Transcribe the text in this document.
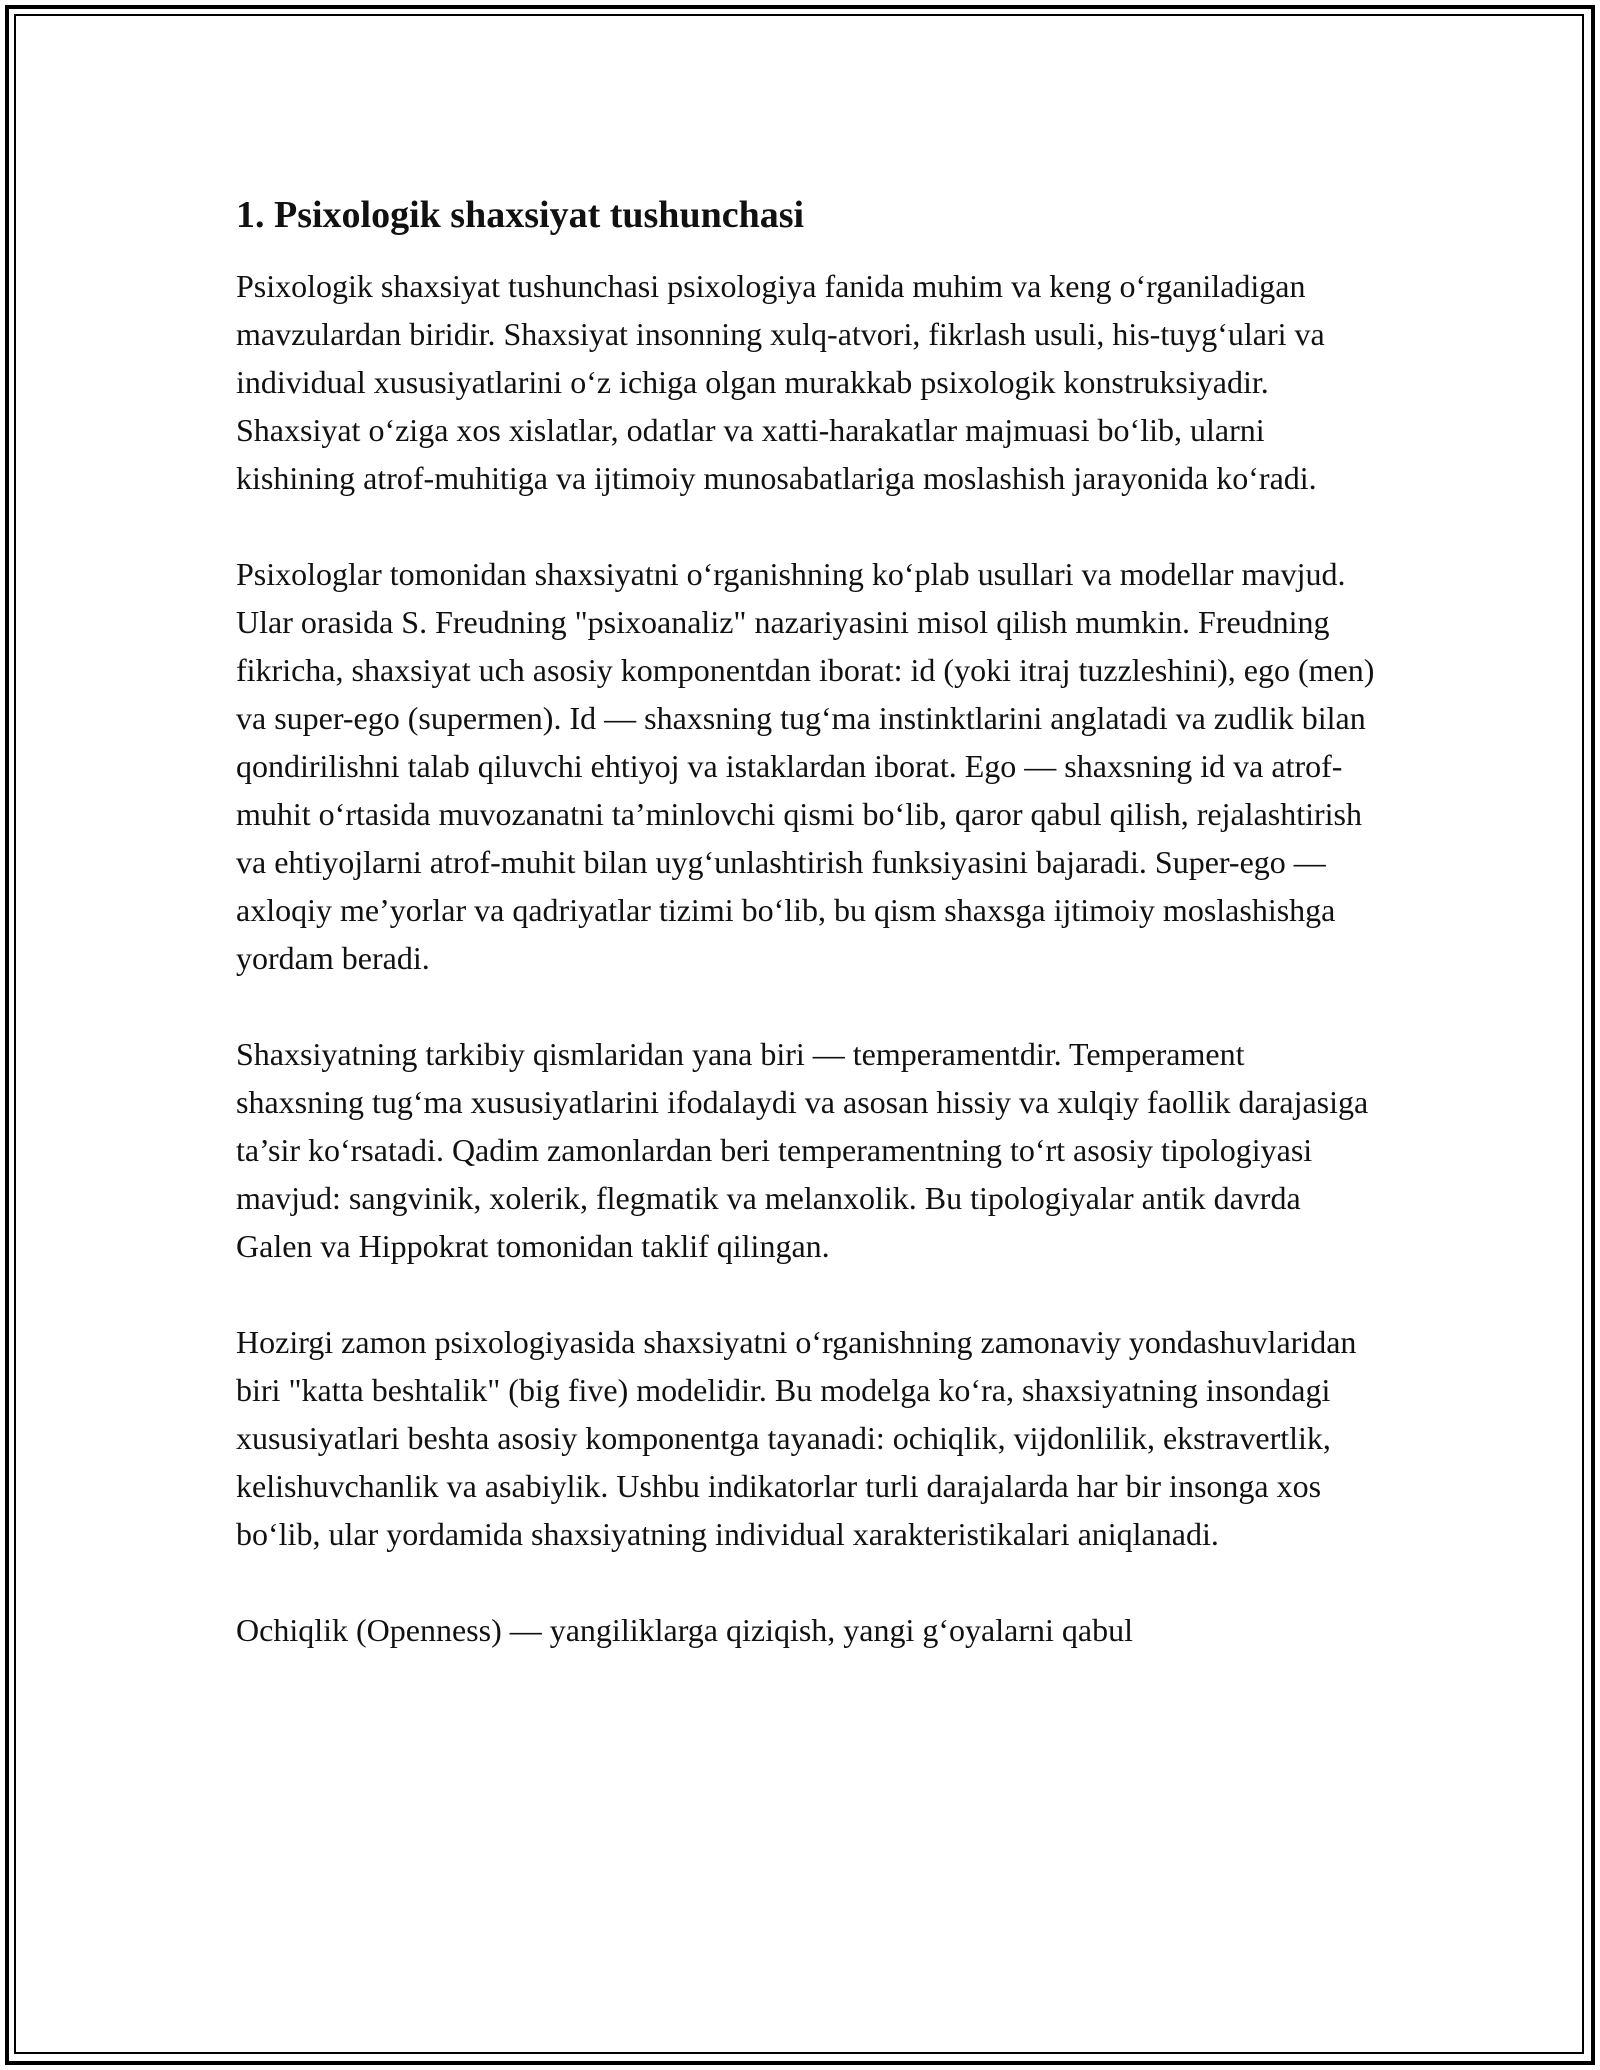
1. Psixologik shaxsiyat tushunchasi

Psixologik shaxsiyat tushunchasi psixologiya fanida muhim va keng o‘rganiladigan mavzulardan biridir. Shaxsiyat insonning xulq-atvori, fikrlash usuli, his-tuyg‘ulari va individual xususiyatlarini o‘z ichiga olgan murakkab psixologik konstruksiyadir. Shaxsiyat o‘ziga xos xislatlar, odatlar va xatti-harakatlar majmuasi bo‘lib, ularni kishining atrof-muhitiga va ijtimoiy munosabatlariga moslashish jarayonida ko‘radi.

Psixologlar tomonidan shaxsiyatni o‘rganishning ko‘plab usullari va modellar mavjud. Ular orasida S. Freudning "psixoanaliz" nazariyasini misol qilish mumkin. Freudning fikricha, shaxsiyat uch asosiy komponentdan iborat: id (yoki itraj tuzzleshini), ego (men) va super-ego (supermen). Id — shaxsning tug‘ma instinktlarini anglatadi va zudlik bilan qondirilishni talab qiluvchi ehtiyoj va istaklardan iborat. Ego — shaxsning id va atrof-muhit o‘rtasida muvozanatni ta’minlovchi qismi bo‘lib, qaror qabul qilish, rejalashtirish va ehtiyojlarni atrof-muhit bilan uyg‘unlashtirish funksiyasini bajaradi. Super-ego — axloqiy me’yorlar va qadriyatlar tizimi bo‘lib, bu qism shaxsga ijtimoiy moslashishga yordam beradi.

Shaxsiyatning tarkibiy qismlaridan yana biri — temperamentdir. Temperament shaxsning tug‘ma xususiyatlarini ifodalaydi va asosan hissiy va xulqiy faollik darajasiga ta’sir ko‘rsatadi. Qadim zamonlardan beri temperamentning to‘rt asosiy tipologiyasi mavjud: sangvinik, xolerik, flegmatik va melanxolik. Bu tipologiyalar antik davrda Galen va Hippokrat tomonidan taklif qilingan.

Hozirgi zamon psixologiyasida shaxsiyatni o‘rganishning zamonaviy yondashuvlaridan biri "katta beshtalik" (big five) modelidir. Bu modelga ko‘ra, shaxsiyatning insondagi xususiyatlari beshta asosiy komponentga tayanadi: ochiqlik, vijdonlilik, ekstravertlik, kelishuvchanlik va asabiylik. Ushbu indikatorlar turli darajalarda har bir insonga xos bo‘lib, ular yordamida shaxsiyatning individual xarakteristikalari aniqlanadi.

Ochiqlik (Openness) — yangiliklarga qiziqish, yangi g‘oyalarni qabul
